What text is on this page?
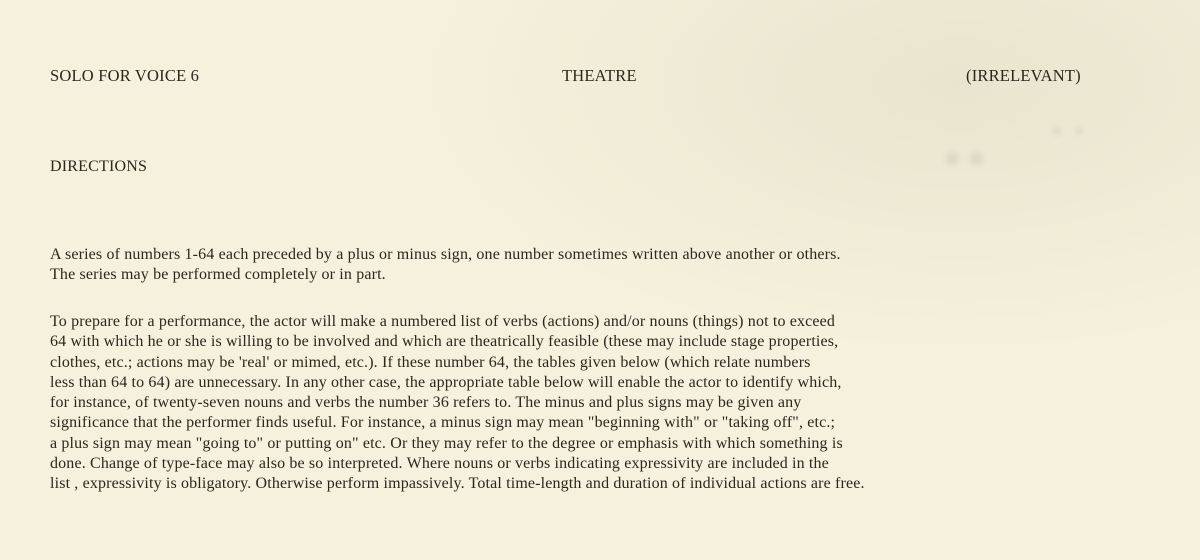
••
• •
SOLO FOR VOICE 6	THEATRE	(IRRELEVANT)
DIRECTIONS
A series of numbers 1-64 each preceded by a plus or minus sign, one number sometimes written above another or others.
The series may be performed completely or in part.
To prepare for a performance, the actor will make a numbered list of verbs (actions) and/or nouns (things) not to exceed
64 with which he or she is willing to be involved and which are theatrically feasible (these may include stage properties,
clothes, etc.; actions may be 'real' or mimed, etc.). If these number 64, the tables given below (which relate numbers
less than 64 to 64) are unnecessary. In any other case, the appropriate table below will enable the actor to identify which,
for instance, of twenty-seven nouns and verbs the number 36 refers to. The minus and plus signs may be given any
significance that the performer finds useful. For instance, a minus sign may mean "beginning with" or "taking off", etc.;
a plus sign may mean "going to" or putting on" etc. Or they may refer to the degree or emphasis with which something is
done. Change of type-face may also be so interpreted. Where nouns or verbs indicating expressivity are included in the
list , expressivity is obligatory. Otherwise perform impassively. Total time-length and duration of individual actions are free.
